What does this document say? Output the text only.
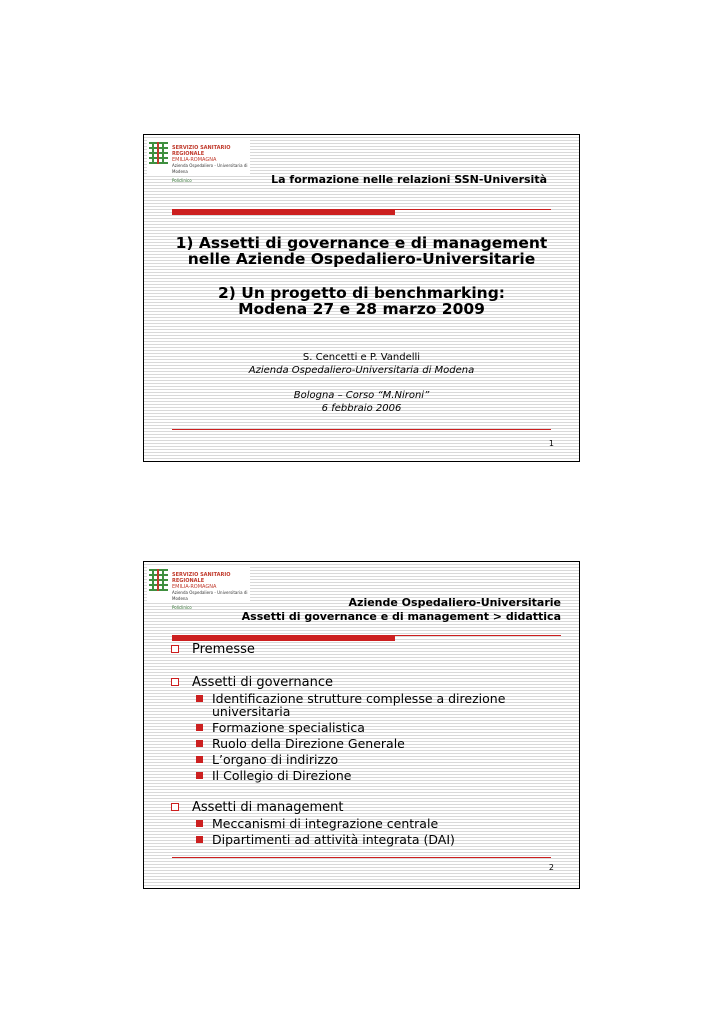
SERVIZIO SANITARIO REGIONALE
EMILIA-ROMAGNA
Azienda Ospedaliero - Universitaria di Modena
Policlinico	La formazione nelle relazioni SSN-Università
1) Assetti di governance e di management
nelle Aziende Ospedaliero-Universitarie
2) Un progetto di benchmarking:
Modena 27 e 28 marzo 2009
S. Cencetti e P. Vandelli
Azienda Ospedaliero-Universitaria di Modena
Bologna – Corso “M.Nironi”
6 febbraio 2006
1
SERVIZIO SANITARIO REGIONALE
EMILIA-ROMAGNA
Azienda Ospedaliero - Universitaria di Modena
Policlinico	Aziende Ospedaliero-Universitarie
Assetti di governance e di management > didattica
Premesse
Assetti di governance
Identificazione strutture complesse a direzione universitaria
Formazione specialistica
Ruolo della Direzione Generale
L’organo di indirizzo
Il Collegio di Direzione
Assetti di management
Meccanismi di integrazione centrale
Dipartimenti ad attività integrata (DAI)
2
